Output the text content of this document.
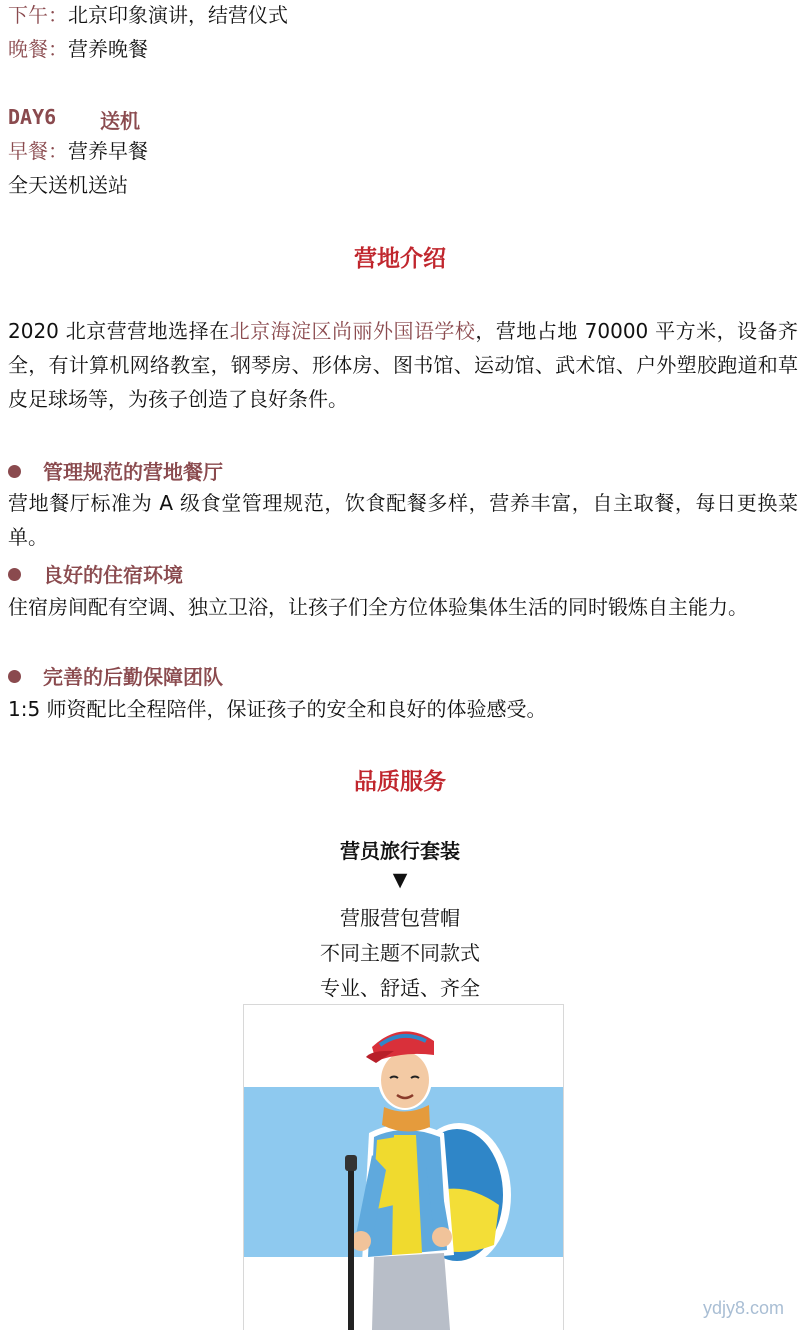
下午：北京印象演讲，结营仪式
晚餐：营养晚餐
DAY6 送机
早餐：营养早餐
全天送机送站
营地介绍
2020 北京营营地选择在北京海淀区尚丽外国语学校，营地占地 70000 平方米，设备齐全，有计算机网络教室，钢琴房、形体房、图书馆、运动馆、武术馆、户外塑胶跑道和草皮足球场等，为孩子创造了良好条件。
管理规范的营地餐厅
营地餐厅标准为 A 级食堂管理规范，饮食配餐多样，营养丰富，自主取餐，每日更换菜单。
良好的住宿环境
住宿房间配有空调、独立卫浴，让孩子们全方位体验集体生活的同时锻炼自主能力。
完善的后勤保障团队
1:5 师资配比全程陪伴，保证孩子的安全和良好的体验感受。
品质服务
营员旅行套装
▼
营服营包营帽
不同主题不同款式
专业、舒适、齐全
ydjy8.com
